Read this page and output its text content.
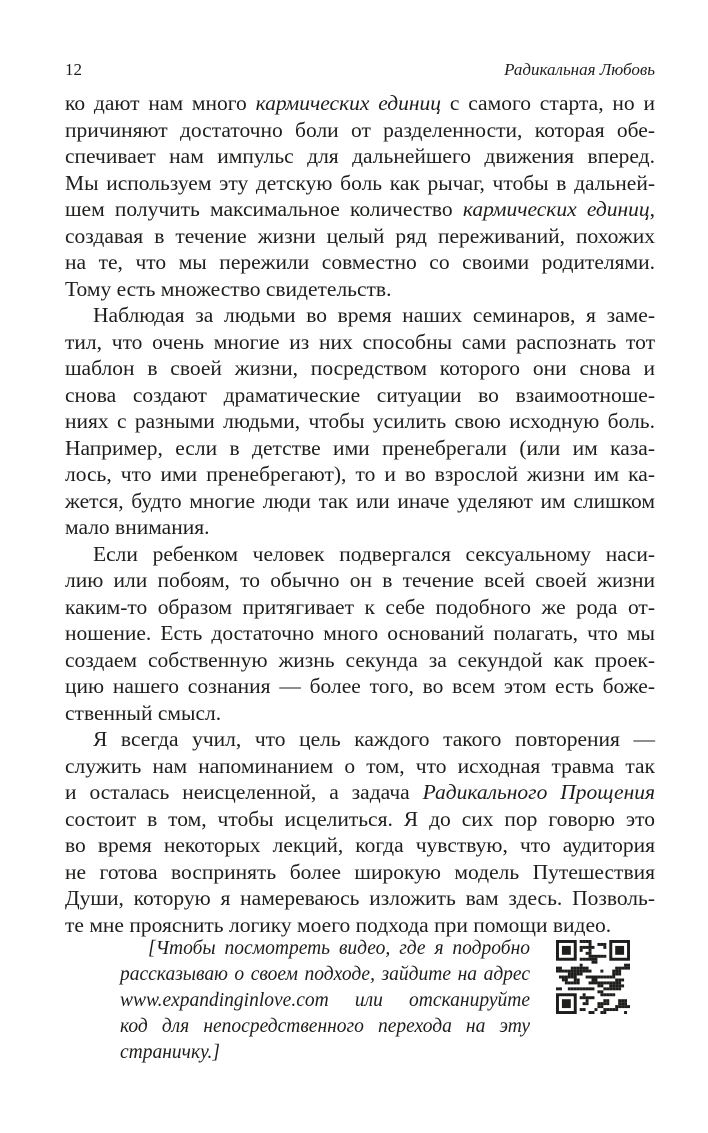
12	Радикальная Любовь
ко дают нам много кармических единиц с самого старта, но и
причиняют достаточно боли от разделенности, которая обе-
спечивает нам импульс для дальнейшего движения вперед.
Мы используем эту детскую боль как рычаг, чтобы в дальней-
шем получить максимальное количество кармических единиц,
создавая в течение жизни целый ряд переживаний, похожих
на те, что мы пережили совместно со своими родителями.
Тому есть множество свидетельств.
Наблюдая за людьми во время наших семинаров, я заме-
тил, что очень многие из них способны сами распознать тот
шаблон в своей жизни, посредством которого они снова и
снова создают драматические ситуации во взаимоотноше-
ниях с разными людьми, чтобы усилить свою исходную боль.
Например, если в детстве ими пренебрегали (или им каза-
лось, что ими пренебрегают), то и во взрослой жизни им ка-
жется, будто многие люди так или иначе уделяют им слишком
мало внимания.
Если ребенком человек подвергался сексуальному наси-
лию или побоям, то обычно он в течение всей своей жизни
каким-то образом притягивает к себе подобного же рода от-
ношение. Есть достаточно много оснований полагать, что мы
создаем собственную жизнь секунда за секундой как проек-
цию нашего сознания — более того, во всем этом есть боже-
ственный смысл.
Я всегда учил, что цель каждого такого повторения —
служить нам напоминанием о том, что исходная травма так
и осталась неисцеленной, а задача Радикального Прощения
состоит в том, чтобы исцелиться. Я до сих пор говорю это
во время некоторых лекций, когда чувствую, что аудитория
не готова воспринять более широкую модель Путешествия
Души, которую я намереваюсь изложить вам здесь. Позволь-
те мне прояснить логику моего подхода при помощи видео.
[Чтобы посмотреть видео, где я подробно
рассказываю о своем подходе, зайдите на адрес
www.expandinginlove.com или отсканируйте
код для непосредственного перехода на эту
страничку.]
